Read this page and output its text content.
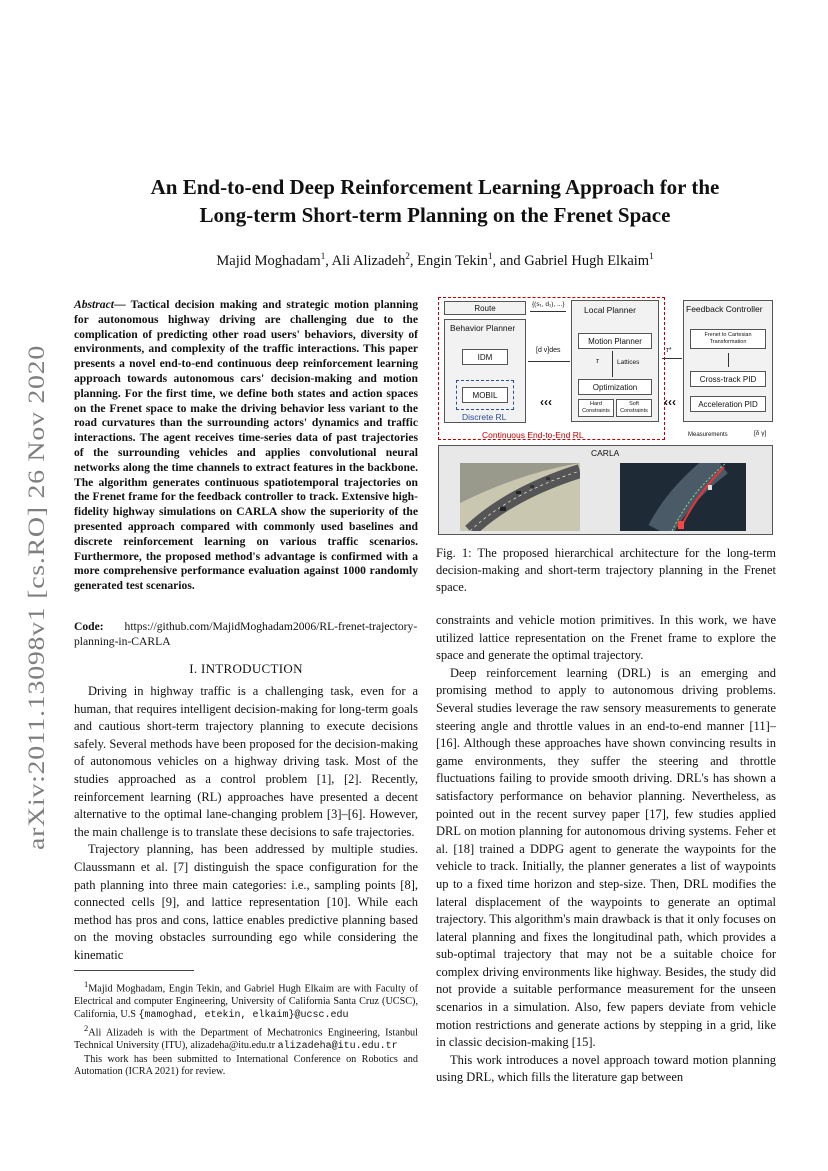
arXiv:2011.13098v1 [cs.RO] 26 Nov 2020
An End-to-end Deep Reinforcement Learning Approach for the
Long-term Short-term Planning on the Frenet Space
Majid Moghadam$^1$, Ali Alizadeh$^2$, Engin Tekin$^1$, and Gabriel Hugh Elkaim$^1$
Abstract— Tactical decision making and strategic motion planning for autonomous highway driving are challenging due to the complication of predicting other road users' behaviors, diversity of environments, and complexity of the traffic interactions. This paper presents a novel end-to-end continuous deep reinforcement learning approach towards autonomous cars' decision-making and motion planning. For the first time, we define both states and action spaces on the Frenet space to make the driving behavior less variant to the road curvatures than the surrounding actors' dynamics and traffic interactions. The agent receives time-series data of past trajectories of the surrounding vehicles and applies convolutional neural networks along the time channels to extract features in the backbone. The algorithm generates continuous spatiotemporal trajectories on the Frenet frame for the feedback controller to track. Extensive high-fidelity highway simulations on CARLA show the superiority of the presented approach compared with commonly used baselines and discrete reinforcement learning on various traffic scenarios. Furthermore, the proposed method's advantage is confirmed with a more comprehensive performance evaluation against 1000 randomly generated test scenarios.
Code: https://github.com/MajidMoghadam2006/RL-frenet-trajectory-planning-in-CARLA
I. INTRODUCTION

Driving in highway traffic is a challenging task, even for a human, that requires intelligent decision-making for long-term goals and cautious short-term trajectory planning to execute decisions safely. Several methods have been proposed for the decision-making of autonomous vehicles on a highway driving task. Most of the studies approached as a control problem [1], [2]. Recently, reinforcement learning (RL) approaches have presented a decent alternative to the optimal lane-changing problem [3]–[6]. However, the main challenge is to translate these decisions to safe trajectories.

Trajectory planning, has been addressed by multiple studies. Claussmann et al. [7] distinguish the space configuration for the path planning into three main categories: i.e., sampling points [8], connected cells [9], and lattice representation [10]. While each method has pros and cons, lattice enables predictive planning based on the moving obstacles surrounding ego while considering the kinematic

$^1$Majid Moghadam, Engin Tekin, and Gabriel Hugh Elkaim are with Faculty of Electrical and computer Engineering, University of California Santa Cruz (UCSC), California, U.S {mamoghad, etekin, elkaim}@ucsc.edu

$^2$Ali Alizadeh is with the Department of Mechatronics Engineering, Istanbul Technical University (ITU), alizadeha@itu.edu.tr alizadeha@itu.edu.tr

This work has been submitted to International Conference on Robotics and Automation (ICRA 2021) for review.

Continuous End-to-End RL
Route	{(s₁, d₁), ...}
Behavior Planner
IDM
MOBIL
Discrete RL
[d v]des
‹‹‹
Local Planner
Motion Planner
τ	Lattices
Optimization
Hard Constraints
Soft Constraints
τ*
‹‹‹
Feedback Controller
Frenet to Cartesian Transformation
Cross-track PID
Acceleration PID
Measurements	[δ γ]
CARLA
Fig. 1: The proposed hierarchical architecture for the long-term decision-making and short-term trajectory planning in the Frenet space.

constraints and vehicle motion primitives. In this work, we have utilized lattice representation on the Frenet frame to explore the space and generate the optimal trajectory.

Deep reinforcement learning (DRL) is an emerging and promising method to apply to autonomous driving problems. Several studies leverage the raw sensory measurements to generate steering angle and throttle values in an end-to-end manner [11]–[16]. Although these approaches have shown convincing results in game environments, they suffer the steering and throttle fluctuations failing to provide smooth driving. DRL's has shown a satisfactory performance on behavior planning. Nevertheless, as pointed out in the recent survey paper [17], few studies applied DRL on motion planning for autonomous driving systems. Feher et al. [18] trained a DDPG agent to generate the waypoints for the vehicle to track. Initially, the planner generates a list of waypoints up to a fixed time horizon and step-size. Then, DRL modifies the lateral displacement of the waypoints to generate an optimal trajectory. This algorithm's main drawback is that it only focuses on lateral planning and fixes the longitudinal path, which provides a sub-optimal trajectory that may not be a suitable choice for complex driving environments like highway. Besides, the study did not provide a suitable performance measurement for the unseen scenarios in a simulation. Also, few papers deviate from vehicle motion restrictions and generate actions by stepping in a grid, like in classic decision-making [15].

This work introduces a novel approach toward motion planning using DRL, which fills the literature gap between
